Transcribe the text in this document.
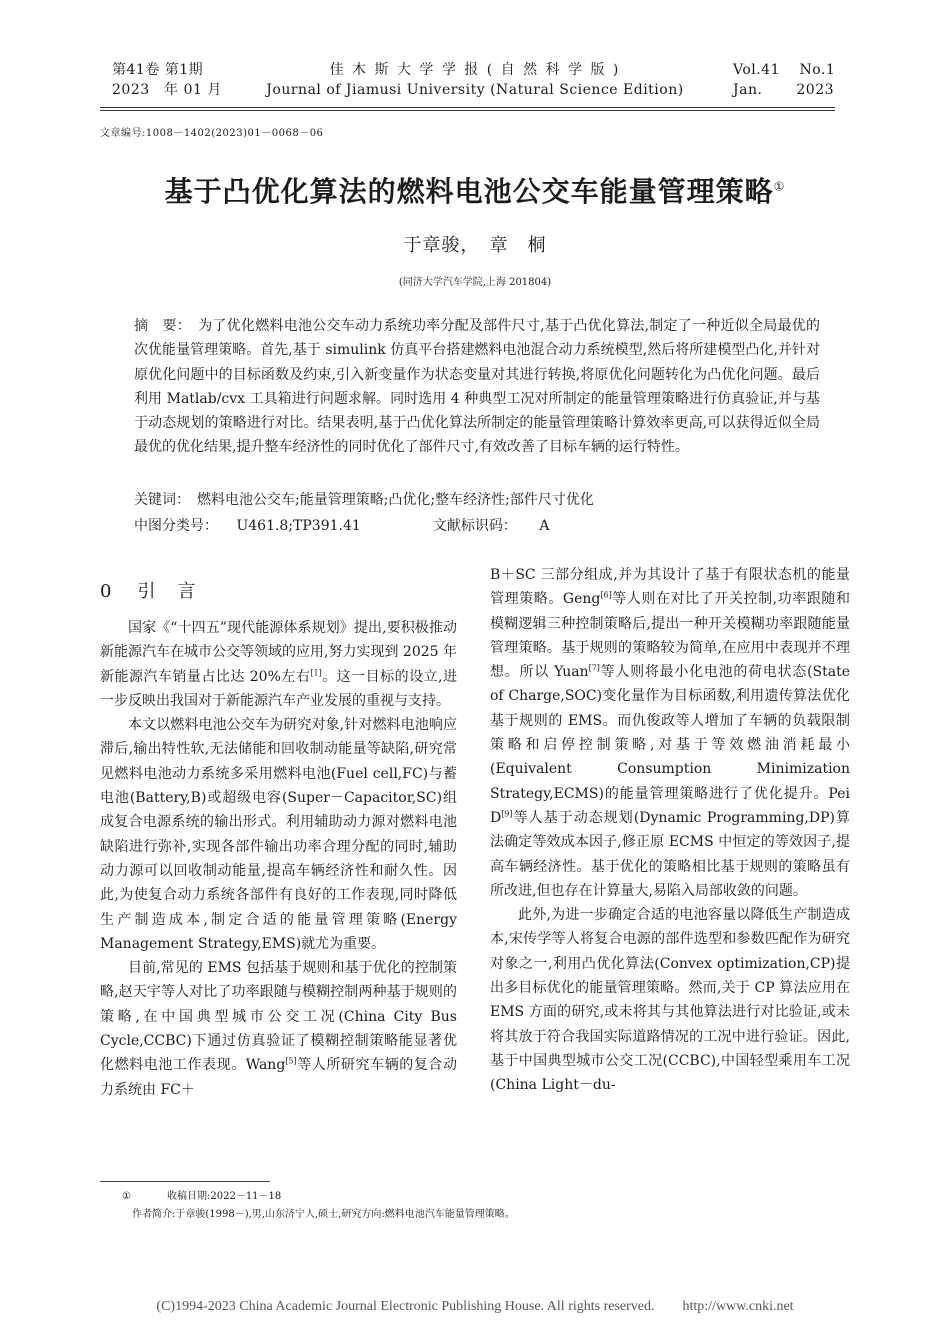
第41卷 第1期
2023　年 01 月
佳 木 斯 大 学 学 报 ( 自 然 科 学 版 )
Journal of Jiamusi University (Natural Science Edition)
Vol.41　 No.1
Jan.　　 2023
文章编号:1008－1402(2023)01－0068－06
基于凸优化算法的燃料电池公交车能量管理策略①
于章骏，　章　桐
(同济大学汽车学院,上海 201804)

摘　要：　 为了优化燃料电池公交车动力系统功率分配及部件尺寸,基于凸优化算法,制定了一种近似全局最优的次优能量管理策略。首先,基于 simulink 仿真平台搭建燃料电池混合动力系统模型,然后将所建模型凸化,并针对原优化问题中的目标函数及约束,引入新变量作为状态变量对其进行转换,将原优化问题转化为凸优化问题。最后利用 Matlab/cvx 工具箱进行问题求解。同时选用 4 种典型工况对所制定的能量管理策略进行仿真验证,并与基于动态规划的策略进行对比。结果表明,基于凸优化算法所制定的能量管理策略计算效率更高,可以获得近似全局最优的优化结果,提升整车经济性的同时优化了部件尺寸,有效改善了目标车辆的运行特性。

关键词：　 燃料电池公交车;能量管理策略;凸优化;整车经济性;部件尺寸优化
中图分类号： U461.8;TP391.41	文献标识码： A
0 引　言

国家《“十四五”现代能源体系规划》提出,要积极推动新能源汽车在城市公交等领域的应用,努力实现到 2025 年新能源汽车销量占比达 20%左右[1]。这一目标的设立,进一步反映出我国对于新能源汽车产业发展的重视与支持。

本文以燃料电池公交车为研究对象,针对燃料电池响应滞后,输出特性软,无法储能和回收制动能量等缺陷,研究常见燃料电池动力系统多采用燃料电池(Fuel cell,FC)与蓄电池(Battery,B)或超级电容(Super－Capacitor,SC)组成复合电源系统的输出形式。利用辅助动力源对燃料电池缺陷进行弥补,实现各部件输出功率合理分配的同时,辅助动力源可以回收制动能量,提高车辆经济性和耐久性。因此,为使复合动力系统各部件有良好的工作表现,同时降低生产制造成本,制定合适的能量管理策略(Energy Management Strategy,EMS)就尤为重要。

目前,常见的 EMS 包括基于规则和基于优化的控制策略,赵天宇等人对比了功率跟随与模糊控制两种基于规则的策略,在中国典型城市公交工况(China City Bus Cycle,CCBC)下通过仿真验证了模糊控制策略能显著优化燃料电池工作表现。Wang[5]等人所研究车辆的复合动力系统由 FC＋

B＋SC 三部分组成,并为其设计了基于有限状态机的能量管理策略。Geng[6]等人则在对比了开关控制,功率跟随和模糊逻辑三种控制策略后,提出一种开关模糊功率跟随能量管理策略。基于规则的策略较为简单,在应用中表现并不理想。所以 Yuan[7]等人则将最小化电池的荷电状态(State of Charge,SOC)变化量作为目标函数,利用遗传算法优化基于规则的 EMS。而仇俊政等人增加了车辆的负载限制策略和启停控制策略,对基于等效燃油消耗最小(Equivalent Consumption Minimization Strategy,ECMS)的能量管理策略进行了优化提升。Pei D[9]等人基于动态规划(Dynamic Programming,DP)算法确定等效成本因子,修正原 ECMS 中恒定的等效因子,提高车辆经济性。基于优化的策略相比基于规则的策略虽有所改进,但也存在计算量大,易陷入局部收敛的问题。

此外,为进一步确定合适的电池容量以降低生产制造成本,宋传学等人将复合电源的部件选型和参数匹配作为研究对象之一,利用凸优化算法(Convex optimization,CP)提出多目标优化的能量管理策略。然而,关于 CP 算法应用在 EMS 方面的研究,或未将其与其他算法进行对比验证,或未将其放于符合我国实际道路情况的工况中进行验证。因此,基于中国典型城市公交工况(CCBC),中国轻型乘用车工况(China Light－du-

①	收稿日期:2022－11－18
作者简介:于章骏(1998－),男,山东济宁人,硕士,研究方向:燃料电池汽车能量管理策略。
(C)1994-2023 China Academic Journal Electronic Publishing House. All rights reserved.　　http://www.cnki.net
